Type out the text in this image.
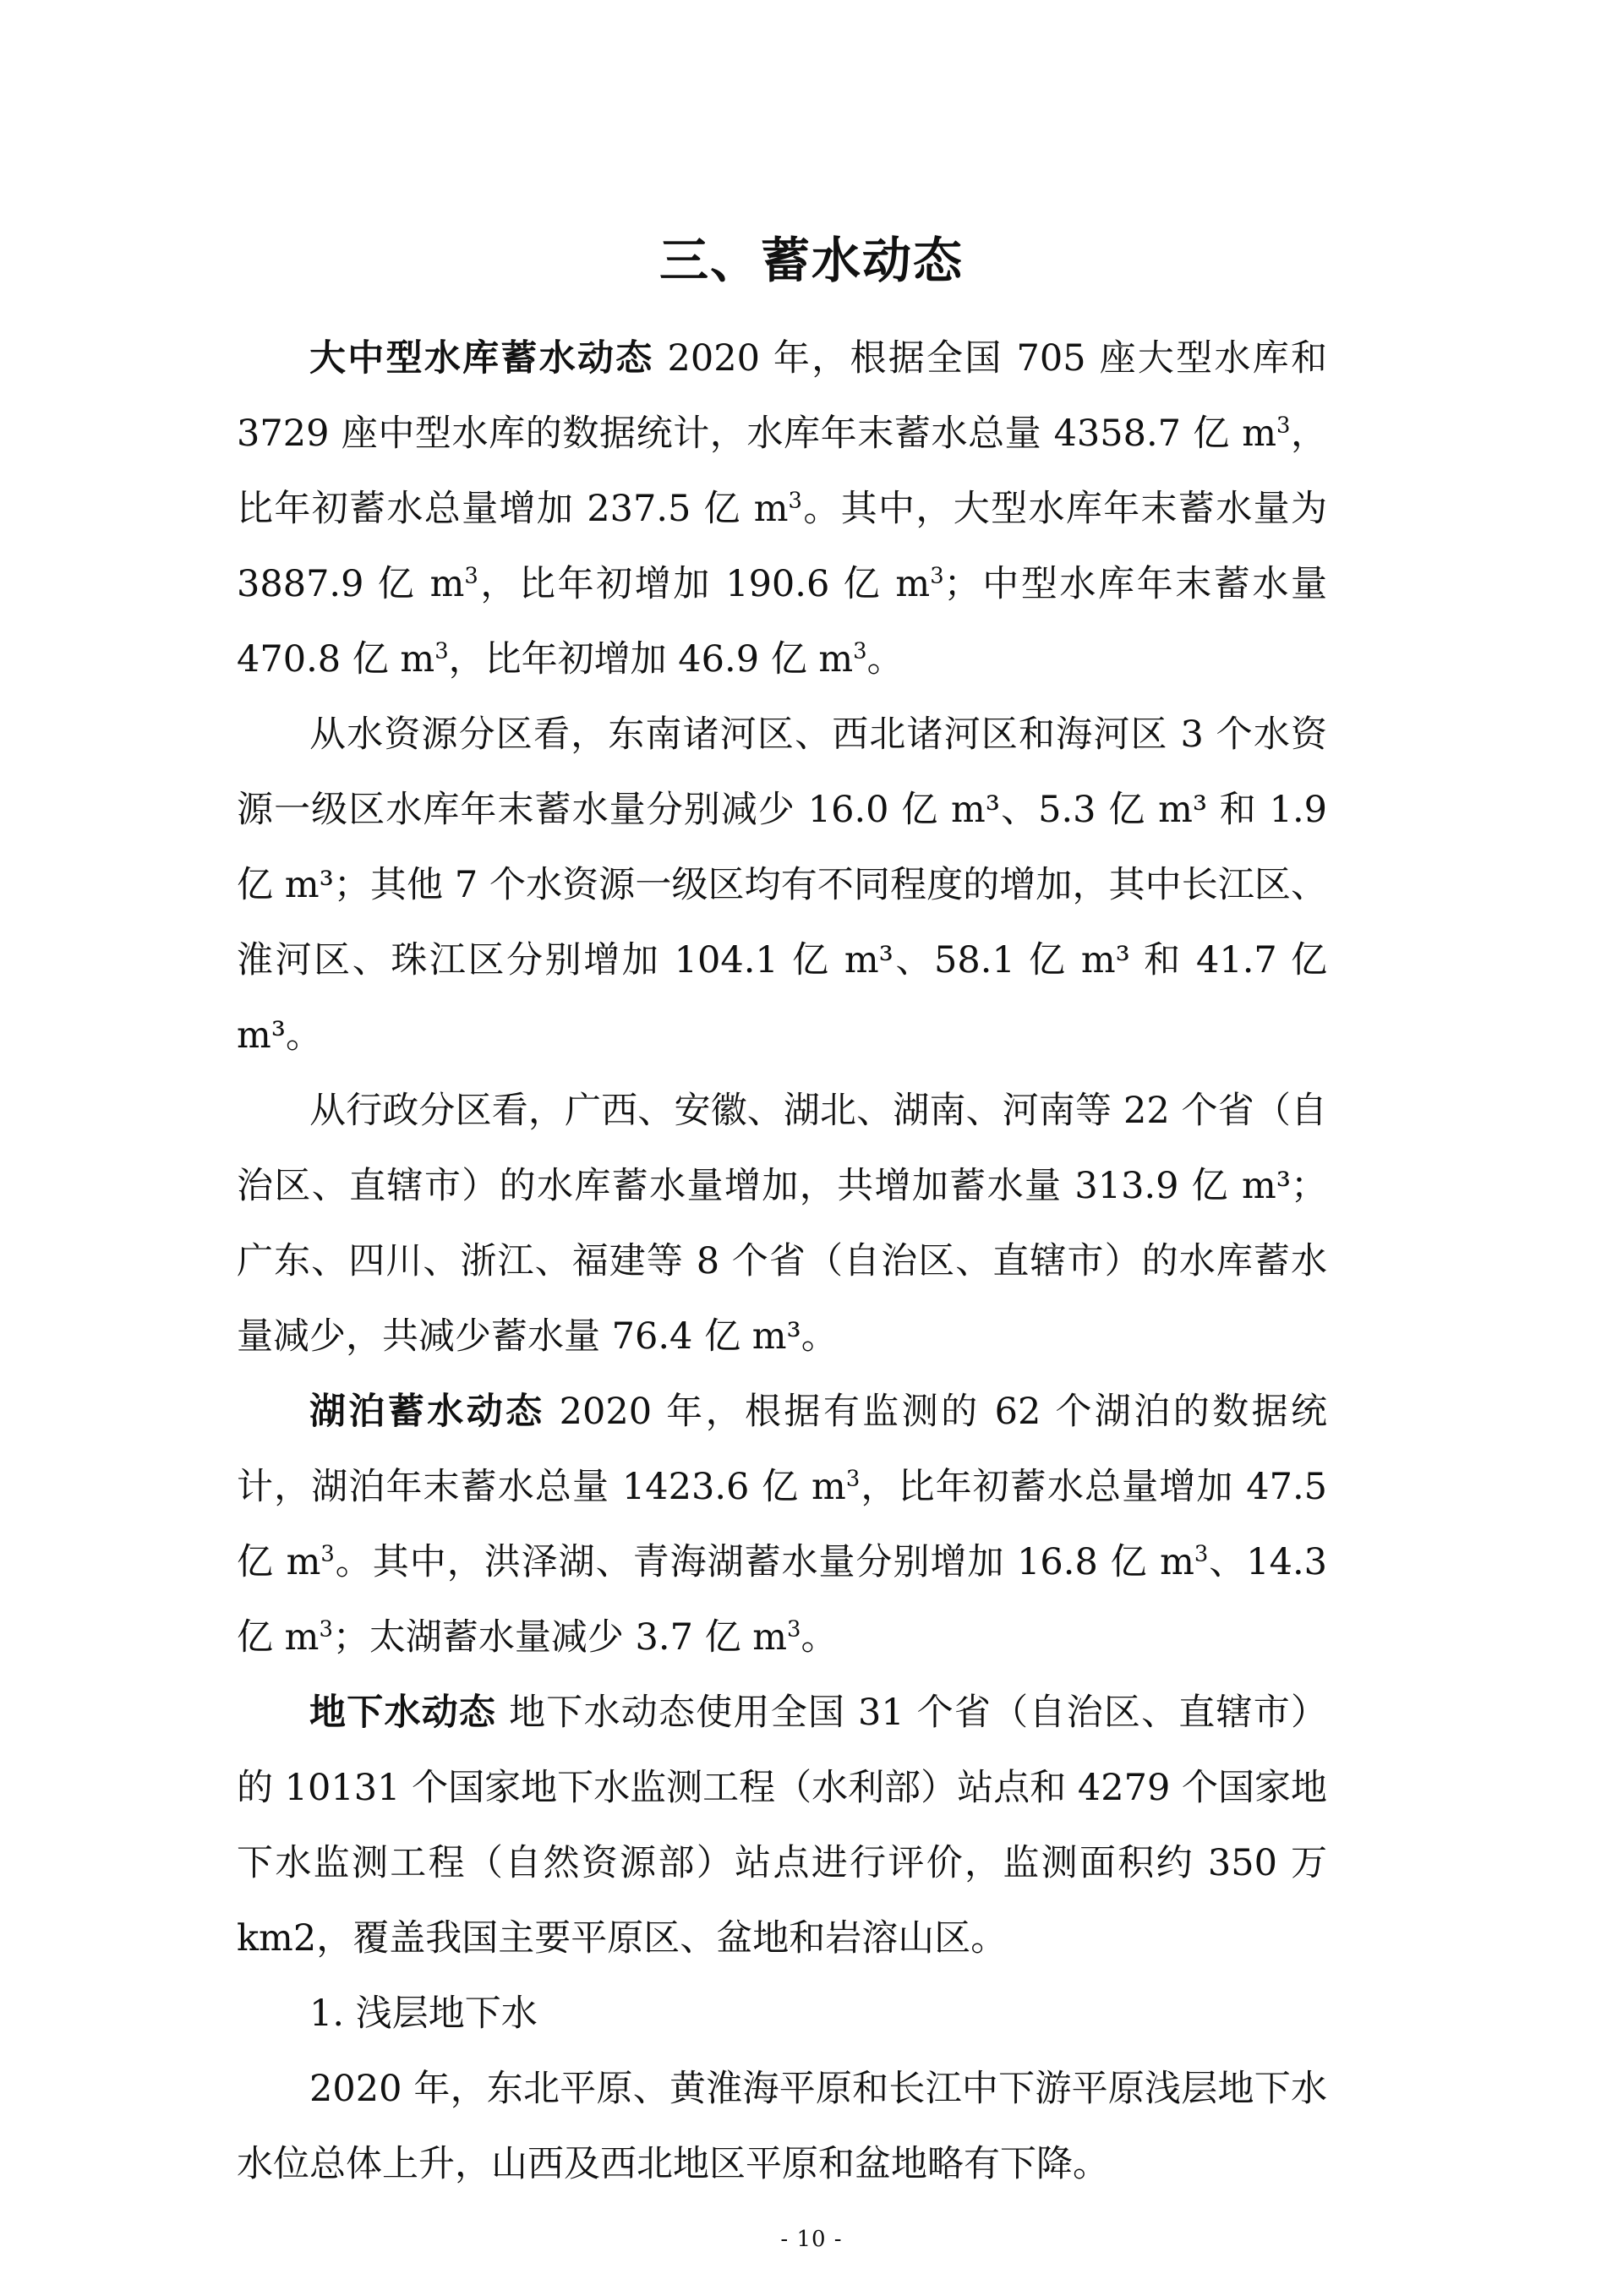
三、蓄水动态

大中型水库蓄水动态 2020 年，根据全国 705 座大型水库和 3729 座中型水库的数据统计，水库年末蓄水总量 4358.7 亿 $m^3$，比年初蓄水总量增加 237.5 亿 $m^3$。其中，大型水库年末蓄水量为 3887.9 亿 $m^3$，比年初增加 190.6 亿 $m^3$；中型水库年末蓄水量 470.8 亿 $m^3$，比年初增加 46.9 亿 $m^3$。

从水资源分区看，东南诸河区、西北诸河区和海河区 3 个水资源一级区水库年末蓄水量分别减少 16.0 亿 m³、5.3 亿 m³ 和 1.9 亿 m³；其他 7 个水资源一级区均有不同程度的增加，其中长江区、淮河区、珠江区分别增加 104.1 亿 m³、58.1 亿 m³ 和 41.7 亿 m³。

从行政分区看，广西、安徽、湖北、湖南、河南等 22 个省（自治区、直辖市）的水库蓄水量增加，共增加蓄水量 313.9 亿 m³；广东、四川、浙江、福建等 8 个省（自治区、直辖市）的水库蓄水量减少，共减少蓄水量 76.4 亿 m³。

湖泊蓄水动态 2020 年，根据有监测的 62 个湖泊的数据统计，湖泊年末蓄水总量 1423.6 亿 $m^3$，比年初蓄水总量增加 47.5 亿 $m^3$。其中，洪泽湖、青海湖蓄水量分别增加 16.8 亿 $m^3$、14.3 亿 $m^3$；太湖蓄水量减少 3.7 亿 $m^3$。

地下水动态 地下水动态使用全国 31 个省（自治区、直辖市）的 10131 个国家地下水监测工程（水利部）站点和 4279 个国家地下水监测工程（自然资源部）站点进行评价，监测面积约 350 万 km2，覆盖我国主要平原区、盆地和岩溶山区。

1. 浅层地下水

2020 年，东北平原、黄淮海平原和长江中下游平原浅层地下水水位总体上升，山西及西北地区平原和盆地略有下降。

- 10 -
